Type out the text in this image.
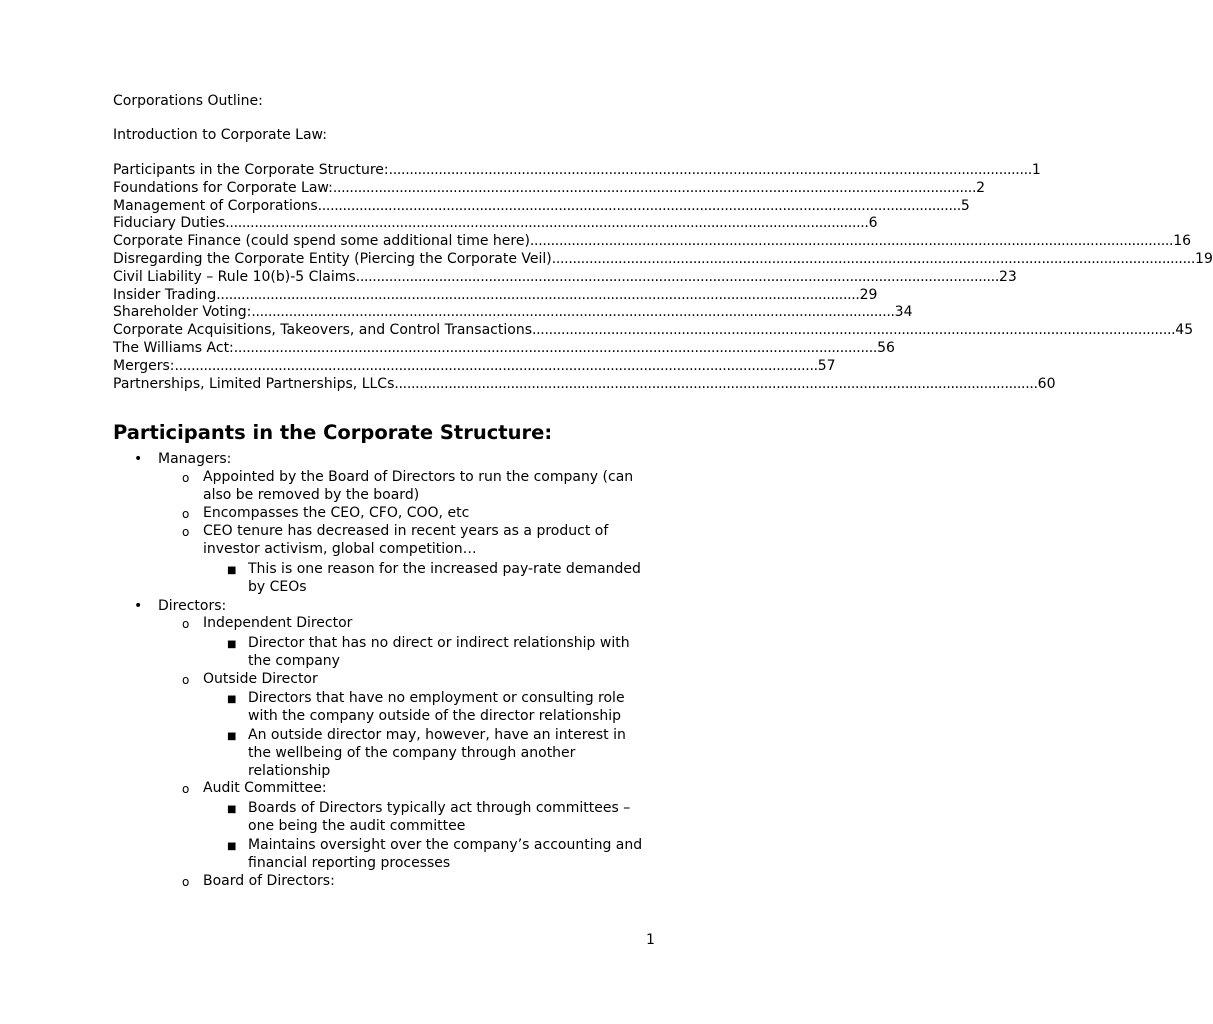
Corporations Outline:
Introduction to Corporate Law:
Participants in the Corporate Structure: ........................................................................................................................................................... 1
Foundations for Corporate Law: ........................................................................................................................................................... 2
Management of Corporations ........................................................................................................................................................... 5
Fiduciary Duties ........................................................................................................................................................... 6
Corporate Finance (could spend some additional time here) ........................................................................................................................................................... 16
Disregarding the Corporate Entity (Piercing the Corporate Veil) ........................................................................................................................................................... 19
Civil Liability – Rule 10(b)-5 Claims ........................................................................................................................................................... 23
Insider Trading ........................................................................................................................................................... 29
Shareholder Voting: ........................................................................................................................................................... 34
Corporate Acquisitions, Takeovers, and Control Transactions ........................................................................................................................................................... 45
The Williams Act: ........................................................................................................................................................... 56
Mergers: ........................................................................................................................................................... 57
Partnerships, Limited Partnerships, LLCs ........................................................................................................................................................... 60
Participants in the Corporate Structure:
• Managers:
o Appointed by the Board of Directors to run the company (can also be removed by the board)
o Encompasses the CEO, CFO, COO, etc
o CEO tenure has decreased in recent years as a product of investor activism, global competition…
■ This is one reason for the increased pay-rate demanded by CEOs
• Directors:
o Independent Director
■ Director that has no direct or indirect relationship with the company
o Outside Director
■ Directors that have no employment or consulting role with the company outside of the director relationship
■ An outside director may, however, have an interest in the wellbeing of the company through another relationship
o Audit Committee:
■ Boards of Directors typically act through committees – one being the audit committee
■ Maintains oversight over the company’s accounting and financial reporting processes
o Board of Directors:
1
